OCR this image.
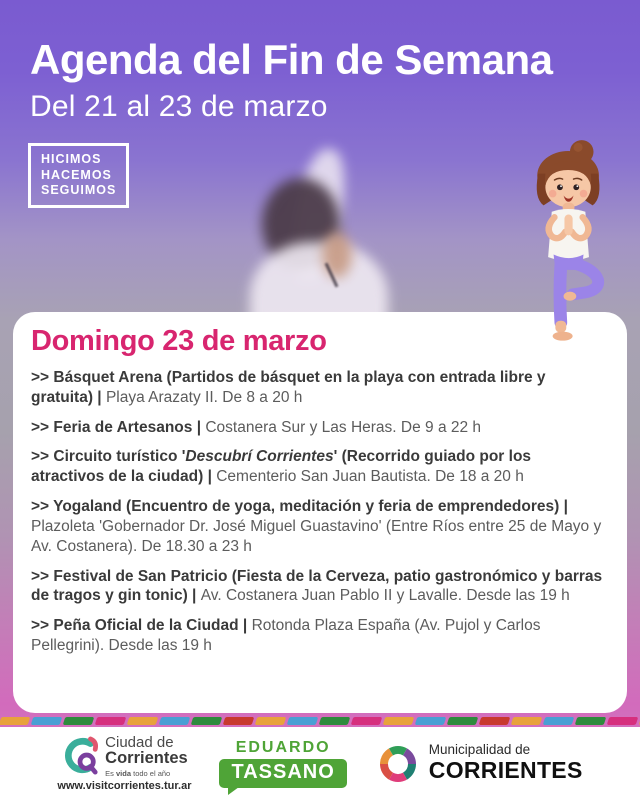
Agenda del Fin de Semana
Del 21 al 23 de marzo
HICIMOS
HACEMOS
SEGUIMOS
Domingo 23 de marzo

>> Básquet Arena (Partidos de básquet en la playa con entrada libre y gratuita) | Playa Arazaty II. De 8 a 20 h

>> Feria de Artesanos | Costanera Sur y Las Heras. De 9 a 22 h

>> Circuito turístico 'Descubrí Corrientes' (Recorrido guiado por los atractivos de la ciudad) | Cementerio San Juan Bautista. De 18 a 20 h

>> Yogaland (Encuentro de yoga, meditación y feria de emprendedores) | Plazoleta 'Gobernador Dr. José Miguel Guastavino' (Entre Ríos entre 25 de Mayo y Av. Costanera). De 18.30 a 23 h

>> Festival de San Patricio (Fiesta de la Cerveza, patio gastronómico y barras de tragos y gin tonic) | Av. Costanera Juan Pablo II y Lavalle. Desde las 19 h

>> Peña Oficial de la Ciudad | Rotonda Plaza España (Av. Pujol y Carlos Pellegrini). Desde las 19 h

Ciudad de
Corrientes
Es vida todo el año
www.visitcorrientes.tur.ar
EDUARDO
TASSANO
Municipalidad de
CORRIENTES
